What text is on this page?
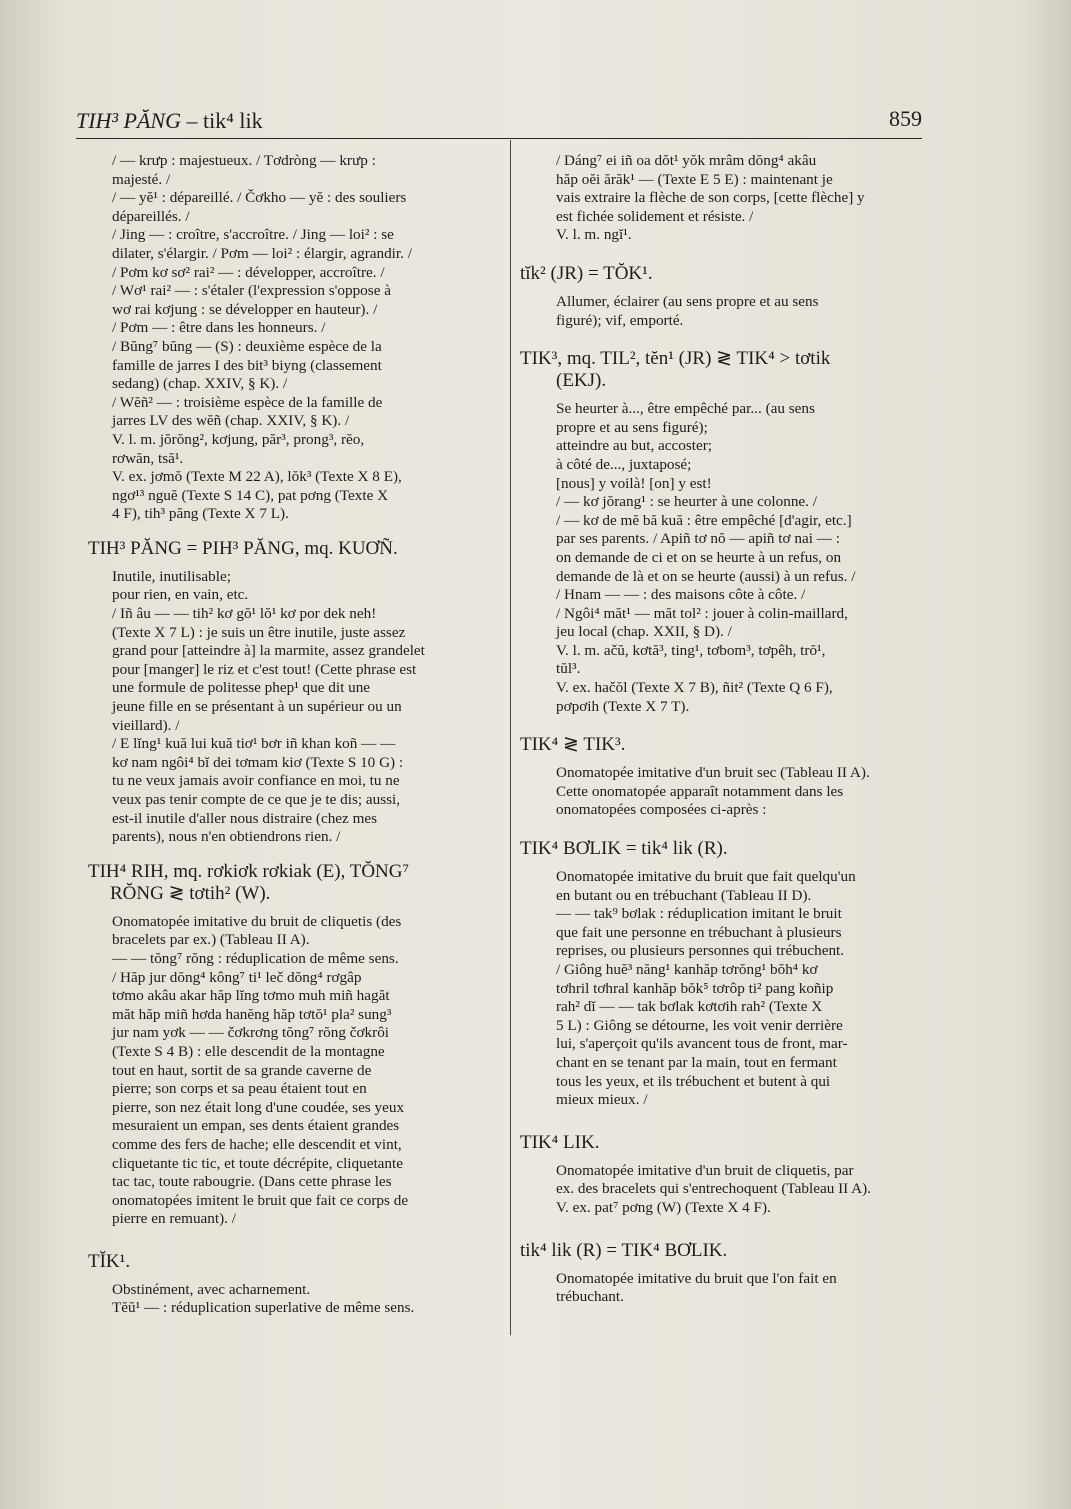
TIH³ PĂNG – tik⁴ lik	859
/ — krưp : majestueux. / Tơdròng — krưp :
majesté. /
/ — yĕ¹ : dépareillé. / Čơkho — yĕ : des souliers
dépareillés. /
/ Jing — : croître, s'accroître. / Jing — loi² : se
dilater, s'élargir. / Pơm — loi² : élargir, agrandir. /
/ Pơm kơ sơ² rai² — : développer, accroître. /
/ Wơ¹ rai² — : s'étaler (l'expression s'oppose à
wơ rai kơjung : se développer en hauteur). /
/ Pơm — : être dans les honneurs. /
/ Bŭng⁷ bŭng — (S) : deuxième espèce de la
famille de jarres I des bit³ biyng (classement
sedang) (chap. XXIV, § K). /
/ Wĕñ² — : troisième espèce de la famille de
jarres LV des wĕñ (chap. XXIV, § K). /
V. l. m. jŏrŏng², kơjung, păr³, prong³, rĕo,
rơwăn, tsă¹.
V. ex. jơmŏ (Texte M 22 A), lŏk³ (Texte X 8 E),
ngơ¹³ nguĕ (Texte S 14 C), pat pơng (Texte X
4 F), tih³ păng (Texte X 7 L).
TIH³ PĂNG = PIH³ PĂNG, mq. KUƠÑ.
Inutile, inutilisable;
pour rien, en vain, etc.
/ Iñ âu — — tih² kơ gŏ¹ lŏ¹ kơ por dek neh!
(Texte X 7 L) : je suis un être inutile, juste assez
grand pour [atteindre à] la marmite, assez grandelet
pour [manger] le riz et c'est tout! (Cette phrase est
une formule de politesse phep¹ que dit une
jeune fille en se présentant à un supérieur ou un
vieillard). /
/ E lĭng¹ kuă lui kuă tiơ¹ bơr iñ khan koñ — —
kơ nam ngôi⁴ bĭ dei tơmam kiơ (Texte S 10 G) :
tu ne veux jamais avoir confiance en moi, tu ne
veux pas tenir compte de ce que je te dis; aussi,
est-il inutile d'aller nous distraire (chez mes
parents), nous n'en obtiendrons rien. /
TIH⁴ RIH, mq. rơkiơk rơkiak (E), TŎNG⁷
RŎNG ≷ tơtih² (W).
Onomatopée imitative du bruit de cliquetis (des
bracelets par ex.) (Tableau II A).
— — tŏng⁷ rŏng : réduplication de même sens.
/ Hăp jur dŏng⁴ kông⁷ ti¹ leč dŏng⁴ rơgâp
tơmo akâu akar hăp lĭng tơmo muh miñ hagăt
măt hăp miñ hơda hanĕng hăp tơtŏ¹ pla² sung³
jur nam yơk — — čơkrơng tŏng⁷ rŏng čơkrôi
(Texte S 4 B) : elle descendit de la montagne
tout en haut, sortit de sa grande caverne de
pierre; son corps et sa peau étaient tout en
pierre, son nez était long d'une coudée, ses yeux
mesuraient un empan, ses dents étaient grandes
comme des fers de hache; elle descendit et vint,
cliquetante tic tic, et toute décrépite, cliquetante
tac tac, toute rabougrie. (Dans cette phrase les
onomatopées imitent le bruit que fait ce corps de
pierre en remuant). /
TĬK¹.
Obstinément, avec acharnement.
Tĕŭ¹ — : réduplication superlative de même sens.
/ Dáng⁷ ei iñ oa dŏt¹ yŏk mrâm dŏng⁴ akâu
hăp oĕi ărăk¹ — (Texte E 5 E) : maintenant je
vais extraire la flèche de son corps, [cette flèche] y
est fichée solidement et résiste. /
V. l. m. ngĭ¹.
tĭk² (JR) = TŎK¹.
Allumer, éclairer (au sens propre et au sens
figuré); vif, emporté.
TIK³, mq. TIL², tĕn¹ (JR) ≷ TIK⁴ > tơtik
(EKJ).
Se heurter à..., être empêché par... (au sens
propre et au sens figuré);
atteindre au but, accoster;
à côté de..., juxtaposé;
[nous] y voilà! [on] y est!
/ — kơ jŏrang¹ : se heurter à une colonne. /
/ — kơ de mĕ bă kuă : être empêché [d'agir, etc.]
par ses parents. / Apiñ tơ nŏ — apiñ tơ nai — :
on demande de ci et on se heurte à un refus, on
demande de là et on se heurte (aussi) à un refus. /
/ Hnam — — : des maisons côte à côte. /
/ Ngôi⁴ măt¹ — măt tol² : jouer à colin-maillard,
jeu local (chap. XXII, § D). /
V. l. m. ačŭ, kơtă³, ting¹, tơbom³, tơpêh, trŏ¹,
tŭl³.
V. ex. hačŏl (Texte X 7 B), ñit² (Texte Q 6 F),
pơpơih (Texte X 7 T).
TIK⁴ ≷ TIK³.
Onomatopée imitative d'un bruit sec (Tableau II A).
Cette onomatopée apparaît notamment dans les
onomatopées composées ci-après :
TIK⁴ BƠLIK = tik⁴ lik (R).
Onomatopée imitative du bruit que fait quelqu'un
en butant ou en trébuchant (Tableau II D).
— — tak⁹ bơlak : réduplication imitant le bruit
que fait une personne en trébuchant à plusieurs
reprises, ou plusieurs personnes qui trébuchent.
/ Giông huĕ³ năng¹ kanhăp tơrŏng¹ bŏh⁴ kơ
tơhril tơhral kanhăp bŏk⁵ tơrôp ti² pang koñip
rah² dĭ — — tak bơlak kơtơih rah² (Texte X
5 L) : Giông se détourne, les voit venir derrière
lui, s'aperçoit qu'ils avancent tous de front, mar-
chant en se tenant par la main, tout en fermant
tous les yeux, et ils trébuchent et butent à qui
mieux mieux. /
TIK⁴ LIK.
Onomatopée imitative d'un bruit de cliquetis, par
ex. des bracelets qui s'entrechoquent (Tableau II A).
V. ex. pat⁷ pơng (W) (Texte X 4 F).
tik⁴ lik (R) = TIK⁴ BƠLIK.
Onomatopée imitative du bruit que l'on fait en
trébuchant.
